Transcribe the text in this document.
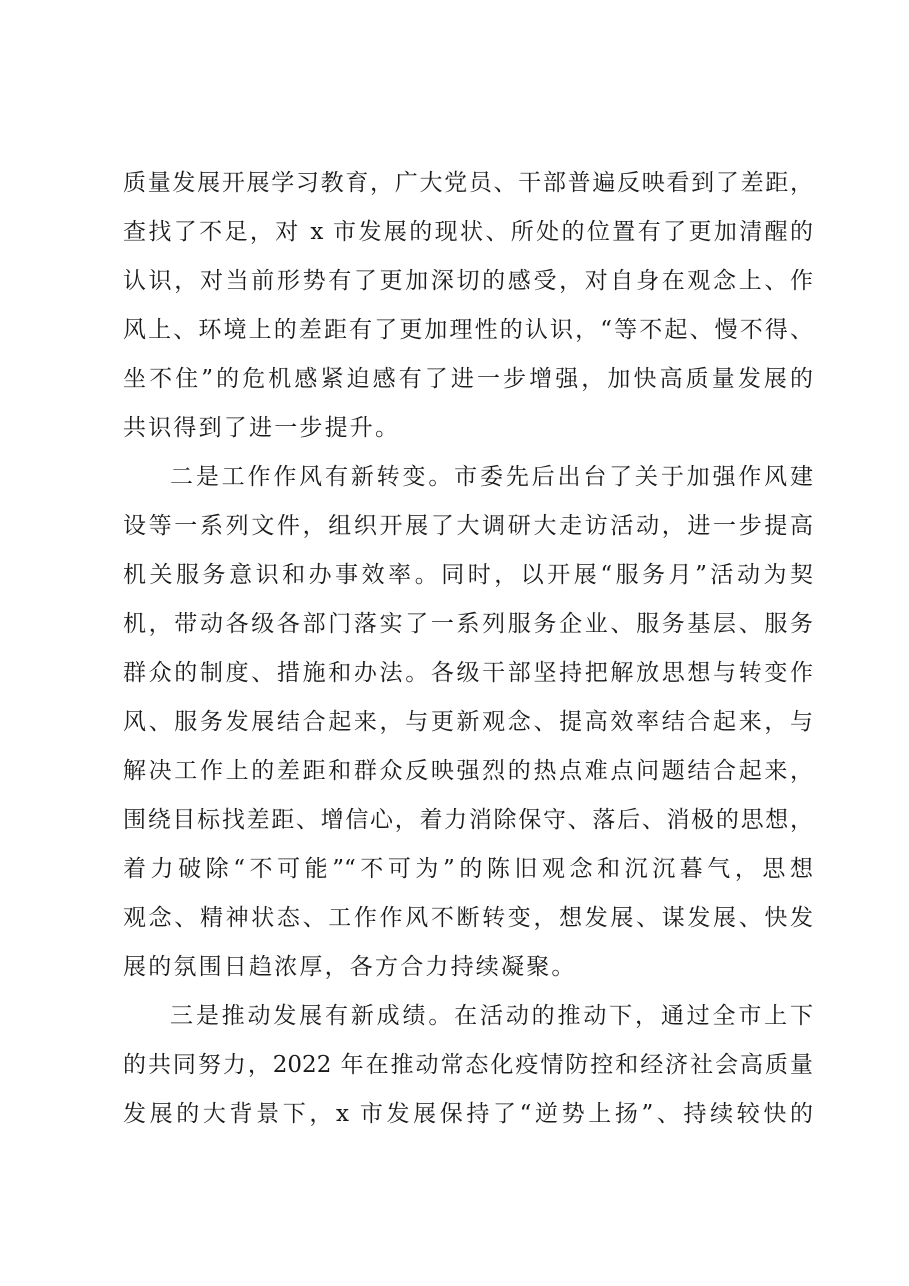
质量发展开展学习教育，广大党员、干部普遍反映看到了差距，
查找了不足，对 x 市发展的现状、所处的位置有了更加清醒的
认识，对当前形势有了更加深切的感受，对自身在观念上、作
风上、环境上的差距有了更加理性的认识，“等不起、慢不得、
坐不住”的危机感紧迫感有了进一步增强，加快高质量发展的
共识得到了进一步提升。
二是工作作风有新转变。市委先后出台了关于加强作风建
设等一系列文件，组织开展了大调研大走访活动，进一步提高
机关服务意识和办事效率。同时，以开展“服务月”活动为契
机，带动各级各部门落实了一系列服务企业、服务基层、服务
群众的制度、措施和办法。各级干部坚持把解放思想与转变作
风、服务发展结合起来，与更新观念、提高效率结合起来，与
解决工作上的差距和群众反映强烈的热点难点问题结合起来，
围绕目标找差距、增信心，着力消除保守、落后、消极的思想，
着力破除“不可能”“不可为”的陈旧观念和沉沉暮气，思想
观念、精神状态、工作作风不断转变，想发展、谋发展、快发
展的氛围日趋浓厚，各方合力持续凝聚。
三是推动发展有新成绩。在活动的推动下，通过全市上下
的共同努力，2022 年在推动常态化疫情防控和经济社会高质量
发展的大背景下，x 市发展保持了“逆势上扬”、持续较快的
